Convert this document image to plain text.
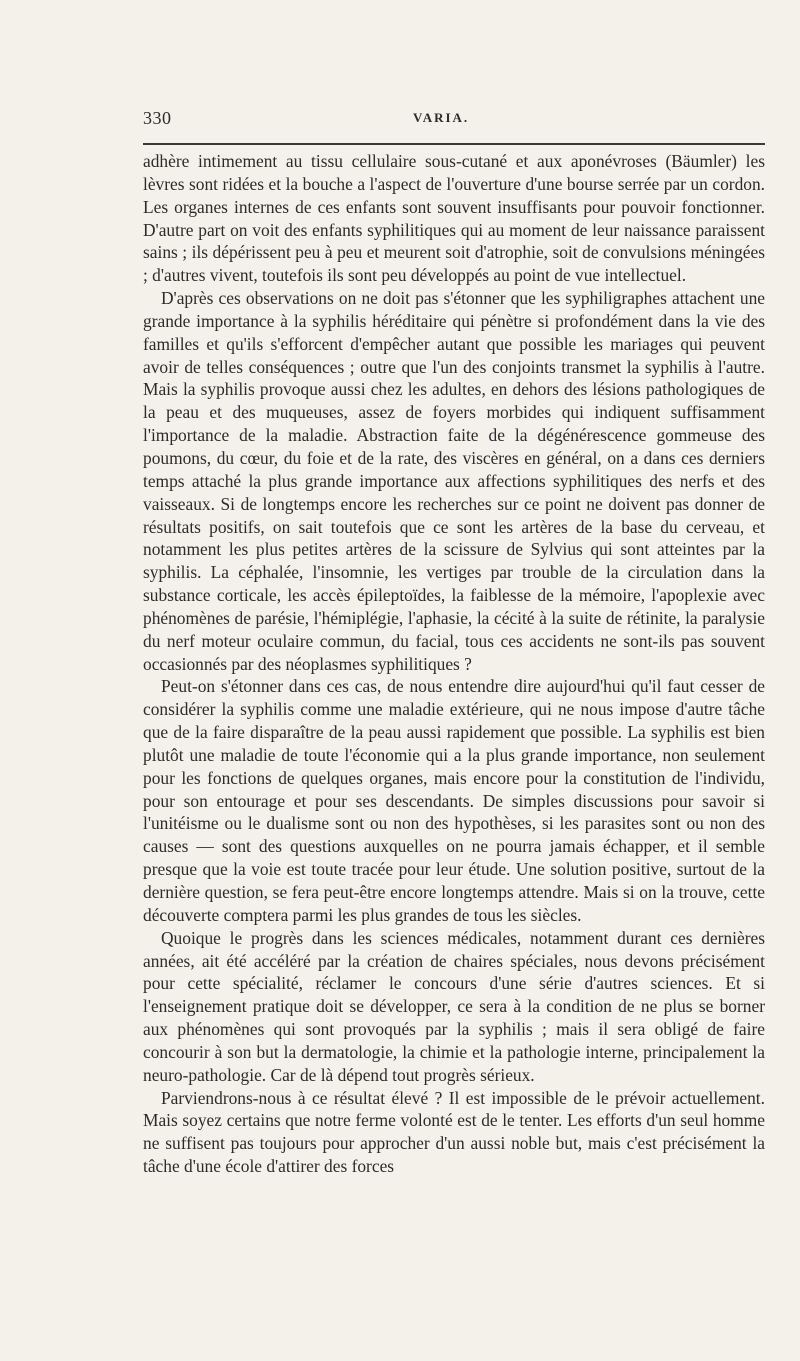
330	VARIA.

adhère intimement au tissu cellulaire sous-cutané et aux aponévroses (Bäumler) les lèvres sont ridées et la bouche a l'aspect de l'ouverture d'une bourse serrée par un cordon. Les organes internes de ces enfants sont souvent insuffisants pour pouvoir fonctionner. D'autre part on voit des enfants syphilitiques qui au moment de leur naissance paraissent sains ; ils dépérissent peu à peu et meurent soit d'atrophie, soit de convulsions méningées ; d'autres vivent, toutefois ils sont peu développés au point de vue intellectuel.

D'après ces observations on ne doit pas s'étonner que les syphiligraphes attachent une grande importance à la syphilis héréditaire qui pénètre si profondément dans la vie des familles et qu'ils s'efforcent d'empêcher autant que possible les mariages qui peuvent avoir de telles conséquences ; outre que l'un des conjoints transmet la syphilis à l'autre. Mais la syphilis provoque aussi chez les adultes, en dehors des lésions pathologiques de la peau et des muqueuses, assez de foyers morbides qui indiquent suffisamment l'importance de la maladie. Abstraction faite de la dégénérescence gommeuse des poumons, du cœur, du foie et de la rate, des viscères en général, on a dans ces derniers temps attaché la plus grande importance aux affections syphilitiques des nerfs et des vaisseaux. Si de longtemps encore les recherches sur ce point ne doivent pas donner de résultats positifs, on sait toutefois que ce sont les artères de la base du cerveau, et notamment les plus petites artères de la scissure de Sylvius qui sont atteintes par la syphilis. La céphalée, l'insomnie, les vertiges par trouble de la circulation dans la substance corticale, les accès épileptoïdes, la faiblesse de la mémoire, l'apoplexie avec phénomènes de parésie, l'hémiplégie, l'aphasie, la cécité à la suite de rétinite, la paralysie du nerf moteur oculaire commun, du facial, tous ces accidents ne sont-ils pas souvent occasionnés par des néoplasmes syphilitiques ?

Peut-on s'étonner dans ces cas, de nous entendre dire aujourd'hui qu'il faut cesser de considérer la syphilis comme une maladie extérieure, qui ne nous impose d'autre tâche que de la faire disparaître de la peau aussi rapidement que possible. La syphilis est bien plutôt une maladie de toute l'économie qui a la plus grande importance, non seulement pour les fonctions de quelques organes, mais encore pour la constitution de l'individu, pour son entourage et pour ses descendants. De simples discussions pour savoir si l'unitéisme ou le dualisme sont ou non des hypothèses, si les parasites sont ou non des causes — sont des questions auxquelles on ne pourra jamais échapper, et il semble presque que la voie est toute tracée pour leur étude. Une solution positive, surtout de la dernière question, se fera peut-être encore longtemps attendre. Mais si on la trouve, cette découverte comptera parmi les plus grandes de tous les siècles.

Quoique le progrès dans les sciences médicales, notamment durant ces dernières années, ait été accéléré par la création de chaires spéciales, nous devons précisément pour cette spécialité, réclamer le concours d'une série d'autres sciences. Et si l'enseignement pratique doit se développer, ce sera à la condition de ne plus se borner aux phénomènes qui sont provoqués par la syphilis ; mais il sera obligé de faire concourir à son but la dermatologie, la chimie et la pathologie interne, principalement la neuro-pathologie. Car de là dépend tout progrès sérieux.

Parviendrons-nous à ce résultat élevé ? Il est impossible de le prévoir actuellement. Mais soyez certains que notre ferme volonté est de le tenter. Les efforts d'un seul homme ne suffisent pas toujours pour approcher d'un aussi noble but, mais c'est précisément la tâche d'une école d'attirer des forces
